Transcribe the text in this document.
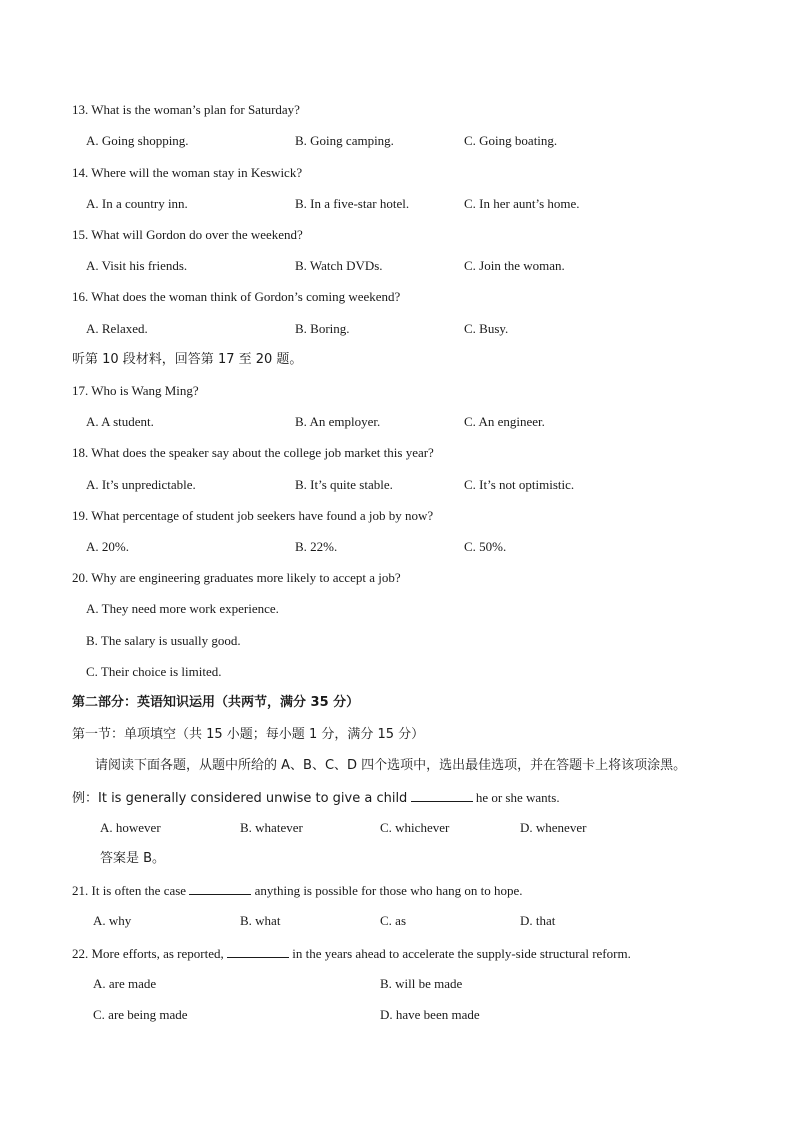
13. What is the woman’s plan for Saturday?
A. Going shopping.	B. Going camping.	C. Going boating.
14. Where will the woman stay in Keswick?
A. In a country inn.	B. In a five-star hotel.	C. In her aunt’s home.
15. What will Gordon do over the weekend?
A. Visit his friends.	B. Watch DVDs.	C. Join the woman.
16. What does the woman think of Gordon’s coming weekend?
A. Relaxed.	B. Boring.	C. Busy.
听第 10 段材料，回答第 17 至 20 题。
17. Who is Wang Ming?
A. A student.	B. An employer.	C. An engineer.
18. What does the speaker say about the college job market this year?
A. It’s unpredictable.	B. It’s quite stable.	C. It’s not optimistic.
19. What percentage of student job seekers have found a job by now?
A. 20%.	B. 22%.	C. 50%.
20. Why are engineering graduates more likely to accept a job?
A. They need more work experience.
B. The salary is usually good.
C. Their choice is limited.
第二部分：英语知识运用（共两节，满分 35 分）
第一节：单项填空（共 15 小题；每小题 1 分，满分 15 分）
请阅读下面各题，从题中所给的 A、B、C、D 四个选项中，选出最佳选项，并在答题卡上将该项涂黑。
例：It is generally considered unwise to give a child	he or she wants.
A. however	B. whatever	C. whichever	D. whenever
答案是 B。
21. It is often the case	anything is possible for those who hang on to hope.
A. why	B. what	C. as	D. that
22. More efforts, as reported,	in the years ahead to accelerate the supply-side structural reform.
A. are made	B. will be made
C. are being made	D. have been made
